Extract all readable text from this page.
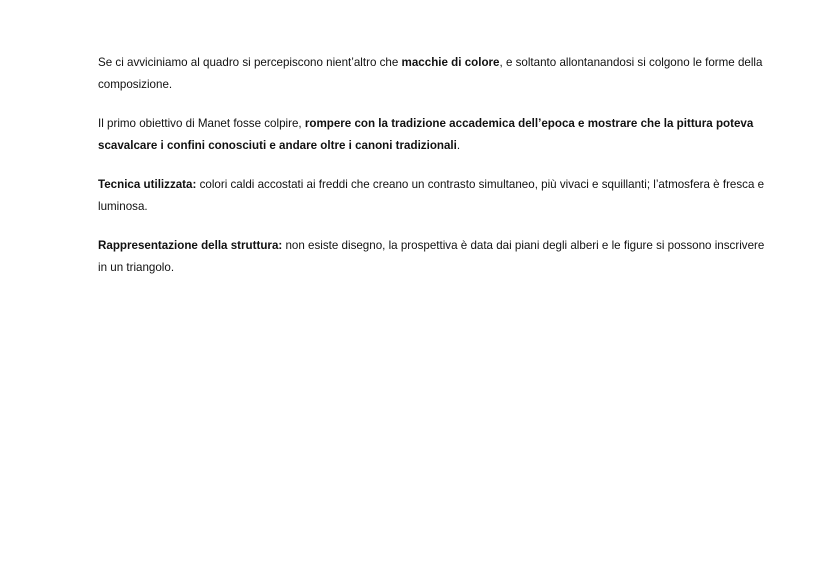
Se ci avviciniamo al quadro si percepiscono nient’altro che macchie di colore, e soltanto allontanandosi si colgono le forme della composizione.

Il primo obiettivo di Manet fosse colpire, rompere con la tradizione accademica dell’epoca e mostrare che la pittura poteva scavalcare i confini conosciuti e andare oltre i canoni tradizionali.

Tecnica utilizzata: colori caldi accostati ai freddi che creano un contrasto simultaneo, più vivaci e squillanti; l’atmosfera è fresca e luminosa.

Rappresentazione della struttura: non esiste disegno, la prospettiva è data dai piani degli alberi e le figure si possono inscrivere in un triangolo.
